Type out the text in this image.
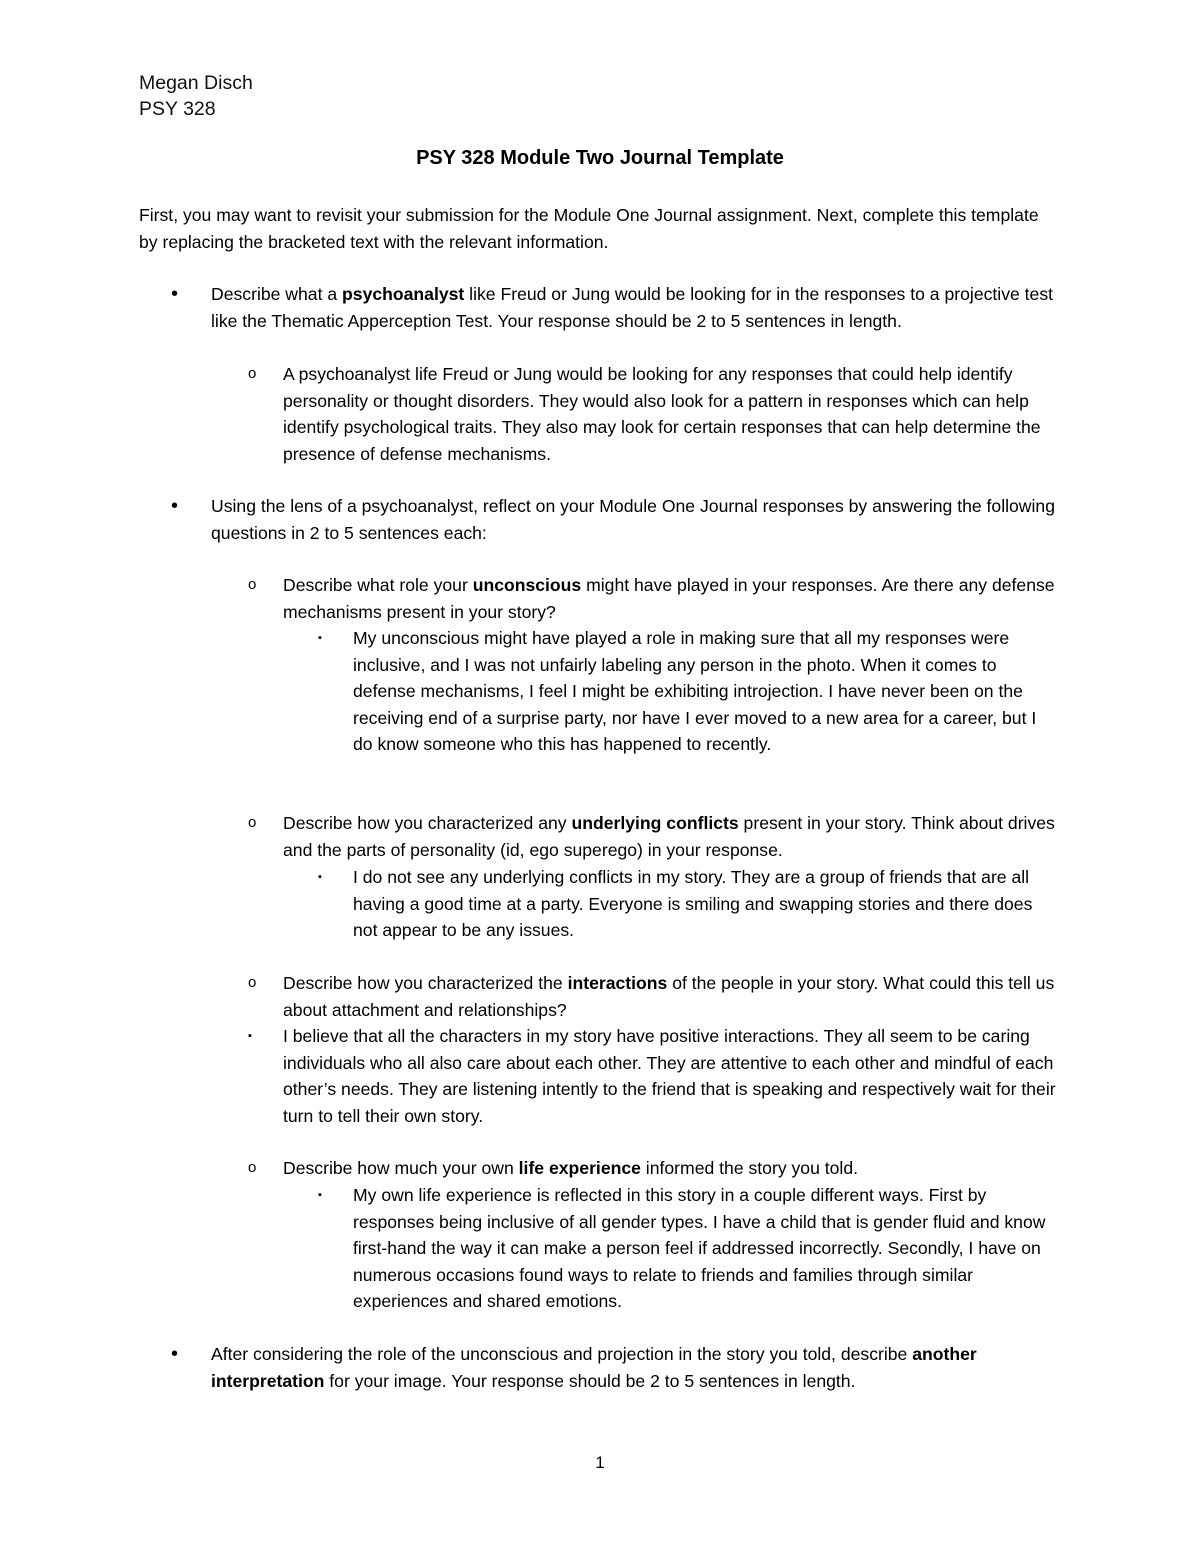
Megan Disch
PSY 328
PSY 328 Module Two Journal Template
First, you may want to revisit your submission for the Module One Journal assignment. Next, complete this template by replacing the bracketed text with the relevant information.
• Describe what a psychoanalyst like Freud or Jung would be looking for in the responses to a projective test like the Thematic Apperception Test. Your response should be 2 to 5 sentences in length.
o A psychoanalyst life Freud or Jung would be looking for any responses that could help identify personality or thought disorders. They would also look for a pattern in responses which can help identify psychological traits. They also may look for certain responses that can help determine the presence of defense mechanisms.
• Using the lens of a psychoanalyst, reflect on your Module One Journal responses by answering the following questions in 2 to 5 sentences each:
o Describe what role your unconscious might have played in your responses. Are there any defense mechanisms present in your story?
▪ My unconscious might have played a role in making sure that all my responses were inclusive, and I was not unfairly labeling any person in the photo. When it comes to defense mechanisms, I feel I might be exhibiting introjection. I have never been on the receiving end of a surprise party, nor have I ever moved to a new area for a career, but I do know someone who this has happened to recently.
o Describe how you characterized any underlying conflicts present in your story. Think about drives and the parts of personality (id, ego superego) in your response.
▪ I do not see any underlying conflicts in my story. They are a group of friends that are all having a good time at a party. Everyone is smiling and swapping stories and there does not appear to be any issues.
o Describe how you characterized the interactions of the people in your story. What could this tell us about attachment and relationships?
▪ I believe that all the characters in my story have positive interactions. They all seem to be caring individuals who all also care about each other. They are attentive to each other and mindful of each other’s needs. They are listening intently to the friend that is speaking and respectively wait for their turn to tell their own story.
o Describe how much your own life experience informed the story you told.
▪ My own life experience is reflected in this story in a couple different ways. First by responses being inclusive of all gender types. I have a child that is gender fluid and know first-hand the way it can make a person feel if addressed incorrectly. Secondly, I have on numerous occasions found ways to relate to friends and families through similar experiences and shared emotions.
• After considering the role of the unconscious and projection in the story you told, describe another interpretation for your image. Your response should be 2 to 5 sentences in length.
1
